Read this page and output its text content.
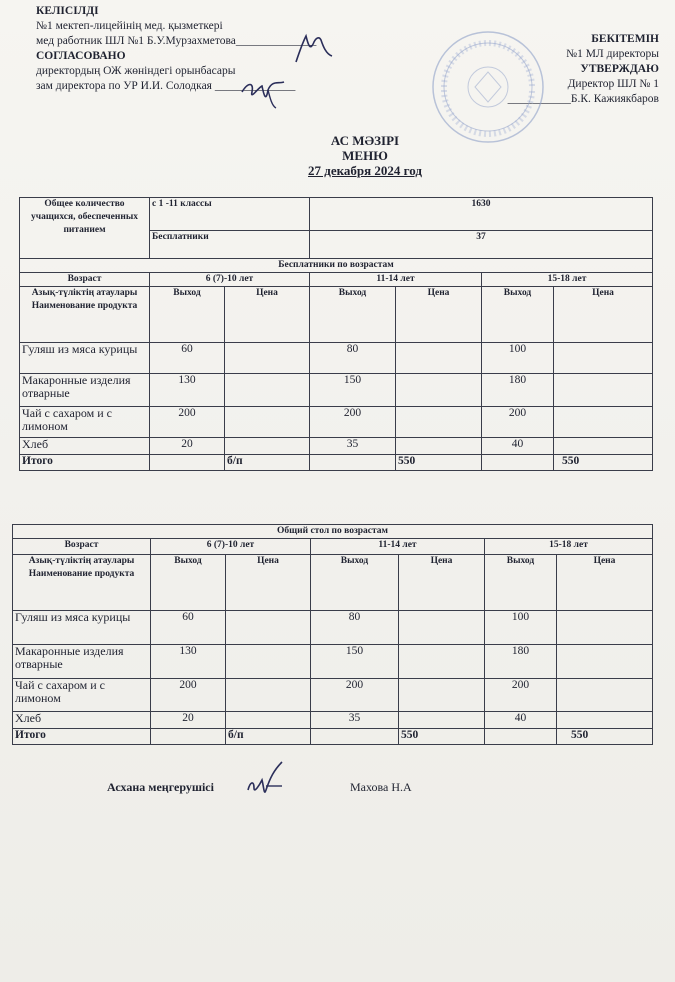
КЕЛІСІЛДІ
№1 мектеп-лицейінің мед. қызметкері
мед работник ШЛ №1 Б.У.Мурзахметова______________
СОГЛАСОВАНО
директордың ОЖ жөніндегі орынбасары
зам директора по УР И.И. Солодкая ______________
БЕКІТЕМІН
№1 МЛ директоры
УТВЕРЖДАЮ
Директор ШЛ № 1
___________Б.К. Кажиякбаров
АС МӘЗІРІ
МЕНЮ
27 декабря 2024 год
Общее количество учащихся, обеспеченных питанием	с 1 -11 классы		1630			
	Бесплатники		37			
Бесплатники по возрастам						
Возраст	6 (7)-10 лет		11-14 лет		15-18 лет	
Азық-түліктің атаулары Наименование продукта	Выход	Цена	Выход	Цена	Выход	Цена
Гуляш из мяса курицы	60		80		100	
Макаронные изделия отварные	130		150		180	
Чай с сахаром и с лимоном	200		200		200	
Хлеб	20		35		40	
Итого		б/п		550		550
Общий стол по возрастам						
Возраст	6 (7)-10 лет		11-14 лет		15-18 лет	
Азық-түліктің атаулары Наименование продукта	Выход	Цена	Выход	Цена	Выход	Цена
Гуляш из мяса курицы	60		80		100	
Макаронные изделия отварные	130		150		180	
Чай с сахаром и с лимоном	200		200		200	
Хлеб	20		35		40	
Итого		б/п		550		550
Асхана меңгерушісі	Махова Н.А
